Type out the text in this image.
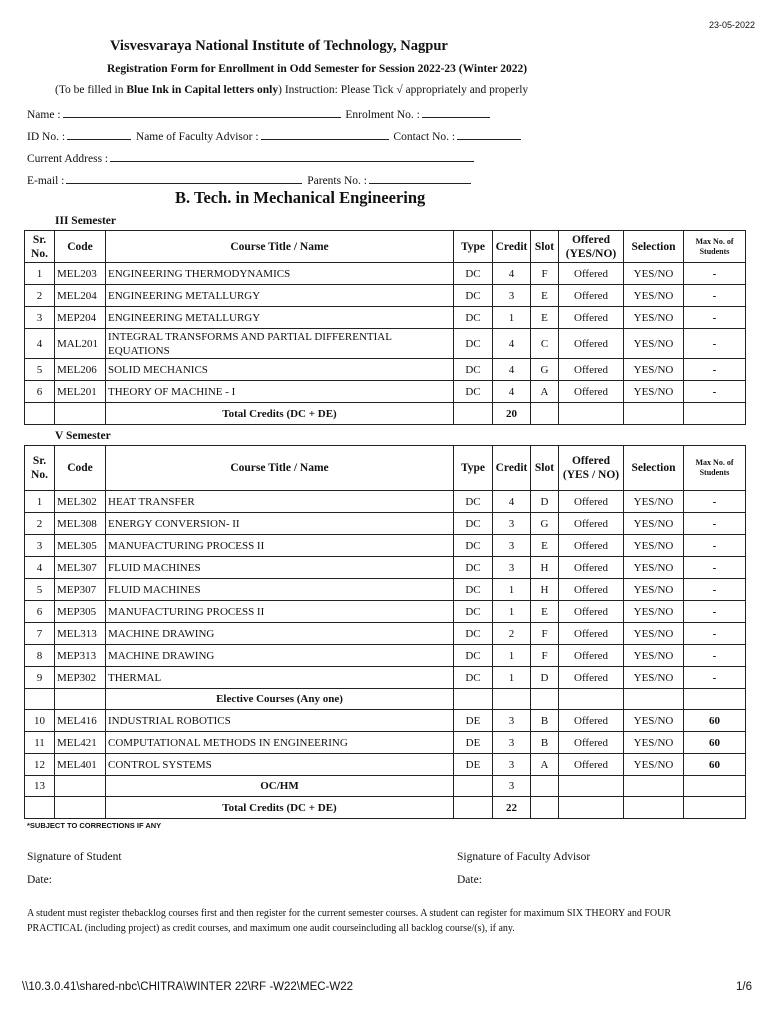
23-05-2022
Visvesvaraya National Institute of Technology, Nagpur
Registration Form for Enrollment in Odd Semester for Session 2022-23 (Winter 2022)
(To be filled in Blue Ink in Capital letters only) Instruction: Please Tick √ appropriately and properly
Name :	Enrolment No. :
ID No. :	Name of Faculty Advisor :	Contact No. :
Current Address :
E-mail :	Parents No. :
B. Tech. in Mechanical Engineering
III Semester
Sr. No.	Code	Course Title / Name	Type	Credit	Slot	Offered (YES/NO)	Selection	Max No. of Students
1	MEL203	ENGINEERING THERMODYNAMICS	DC	4	F	Offered	YES/NO	-
2	MEL204	ENGINEERING METALLURGY	DC	3	E	Offered	YES/NO	-
3	MEP204	ENGINEERING METALLURGY	DC	1	E	Offered	YES/NO	-
4	MAL201	INTEGRAL TRANSFORMS AND PARTIAL DIFFERENTIAL EQUATIONS	DC	4	C	Offered	YES/NO	-
5	MEL206	SOLID MECHANICS	DC	4	G	Offered	YES/NO	-
6	MEL201	THEORY OF MACHINE - I	DC	4	A	Offered	YES/NO	-
		Total Credits (DC + DE)		20				
V Semester
Sr. No.	Code	Course Title / Name	Type	Credit	Slot	Offered (YES / NO)	Selection	Max No. of Students
1	MEL302	HEAT TRANSFER	DC	4	D	Offered	YES/NO	-
2	MEL308	ENERGY CONVERSION- II	DC	3	G	Offered	YES/NO	-
3	MEL305	MANUFACTURING PROCESS II	DC	3	E	Offered	YES/NO	-
4	MEL307	FLUID MACHINES	DC	3	H	Offered	YES/NO	-
5	MEP307	FLUID MACHINES	DC	1	H	Offered	YES/NO	-
6	MEP305	MANUFACTURING PROCESS II	DC	1	E	Offered	YES/NO	-
7	MEL313	MACHINE DRAWING	DC	2	F	Offered	YES/NO	-
8	MEP313	MACHINE DRAWING	DC	1	F	Offered	YES/NO	-
9	MEP302	THERMAL	DC	1	D	Offered	YES/NO	-
		Elective Courses (Any one)						
10	MEL416	INDUSTRIAL ROBOTICS	DE	3	B	Offered	YES/NO	60
11	MEL421	COMPUTATIONAL METHODS IN ENGINEERING	DE	3	B	Offered	YES/NO	60
12	MEL401	CONTROL SYSTEMS	DE	3	A	Offered	YES/NO	60
13		OC/HM		3				
		Total Credits (DC + DE)		22				
*SUBJECT TO CORRECTIONS IF ANY
Signature of Student	Signature of Faculty Advisor
Date:	Date:
A student must register thebacklog courses first and then register for the current semester courses. A student can register for maximum SIX THEORY and FOUR PRACTICAL (including project) as credit courses, and maximum one audit courseincluding all backlog course/(s), if any.
\\10.3.0.41\shared-nbc\CHITRA\WINTER 22\RF -W22\MEC-W22	1/6
